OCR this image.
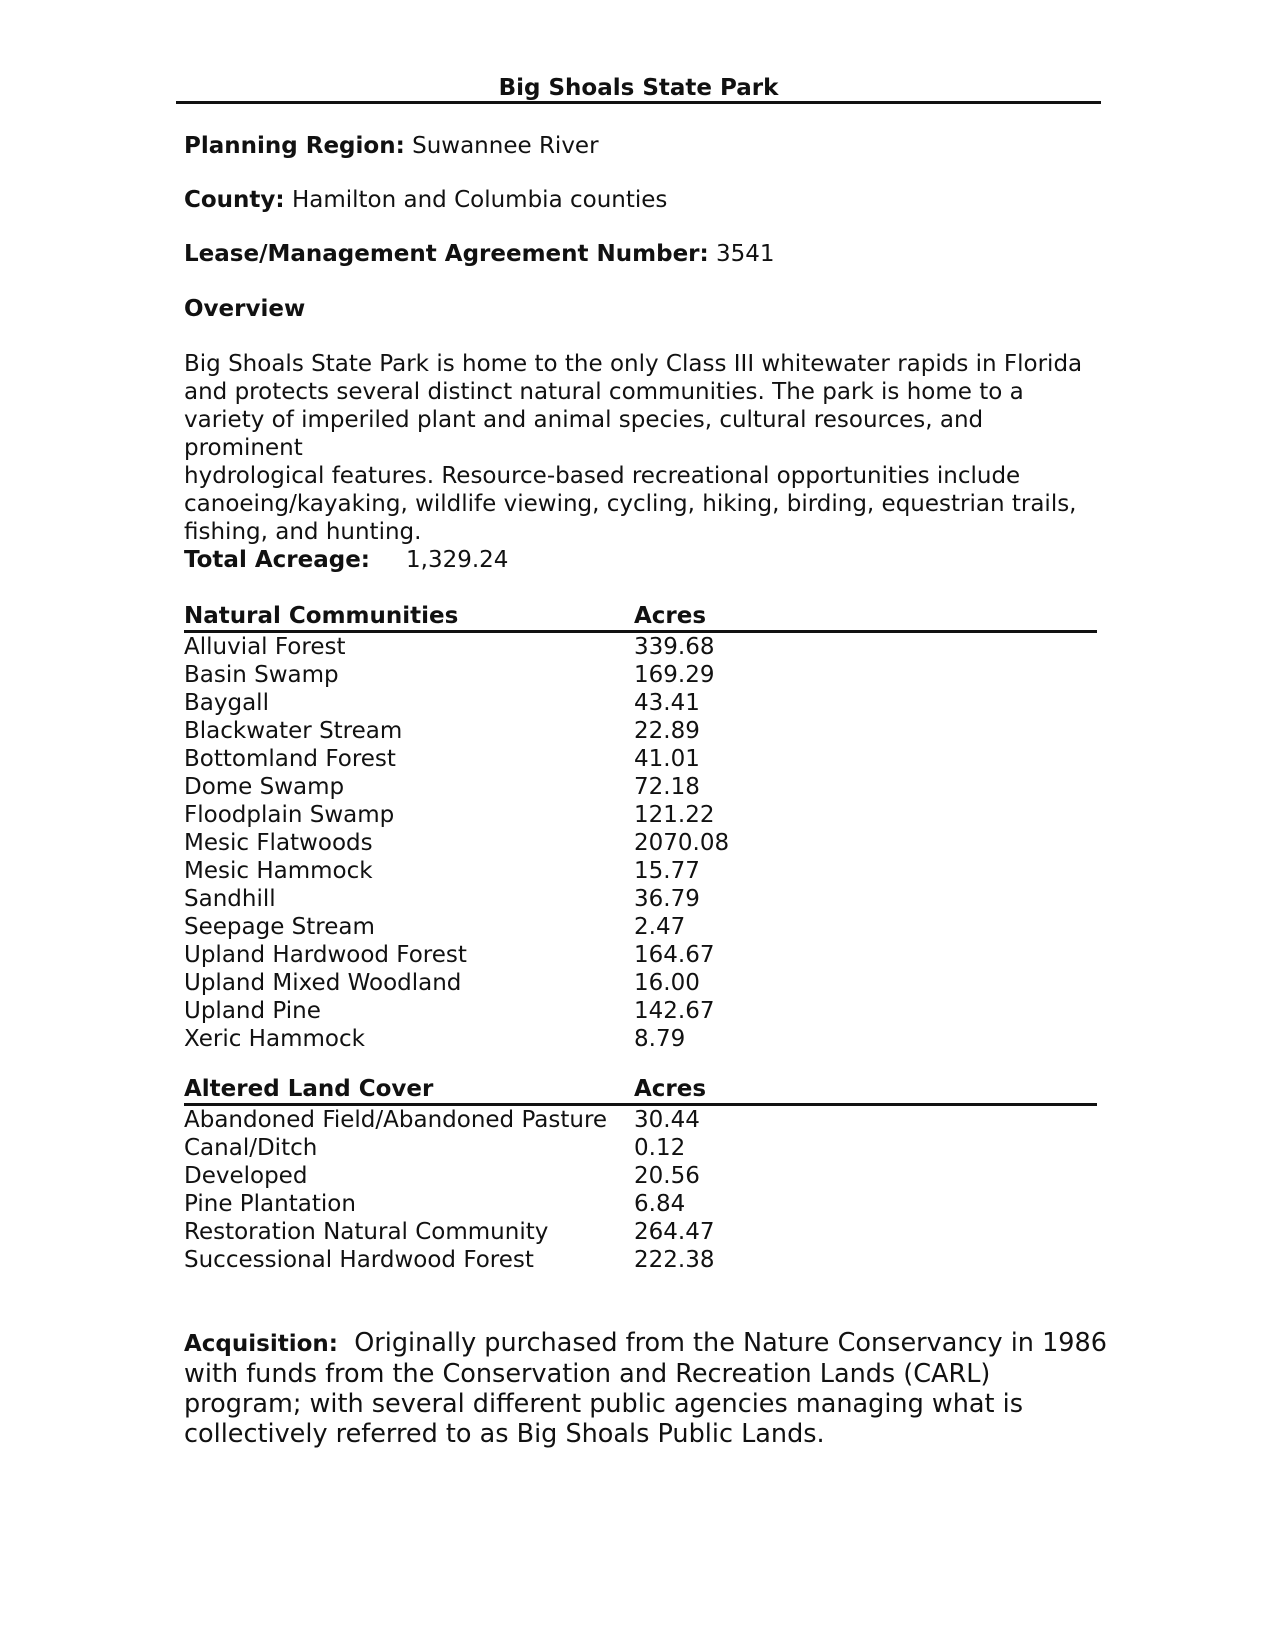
Big Shoals State Park
Planning Region: Suwannee River
County: Hamilton and Columbia counties
Lease/Management Agreement Number: 3541
Overview
Big Shoals State Park is home to the only Class III whitewater rapids in Florida
and protects several distinct natural communities. The park is home to a
variety of imperiled plant and animal species, cultural resources, and prominent
hydrological features. Resource-based recreational opportunities include
canoeing/kayaking, wildlife viewing, cycling, hiking, birding, equestrian trails,
fishing, and hunting.
Total Acreage: 1,329.24
Natural Communities	Acres
Alluvial Forest	339.68
Basin Swamp	169.29
Baygall	43.41
Blackwater Stream	22.89
Bottomland Forest	41.01
Dome Swamp	72.18
Floodplain Swamp	121.22
Mesic Flatwoods	2070.08
Mesic Hammock	15.77
Sandhill	36.79
Seepage Stream	2.47
Upland Hardwood Forest	164.67
Upland Mixed Woodland	16.00
Upland Pine	142.67
Xeric Hammock	8.79
Altered Land Cover	Acres
Abandoned Field/Abandoned Pasture 30.44
Canal/Ditch	0.12
Developed	20.56
Pine Plantation	6.84
Restoration Natural Community	264.47
Successional Hardwood Forest	222.38
Acquisition: Originally purchased from the Nature Conservancy in 1986
with funds from the Conservation and Recreation Lands (CARL)
program; with several different public agencies managing what is
collectively referred to as Big Shoals Public Lands.
